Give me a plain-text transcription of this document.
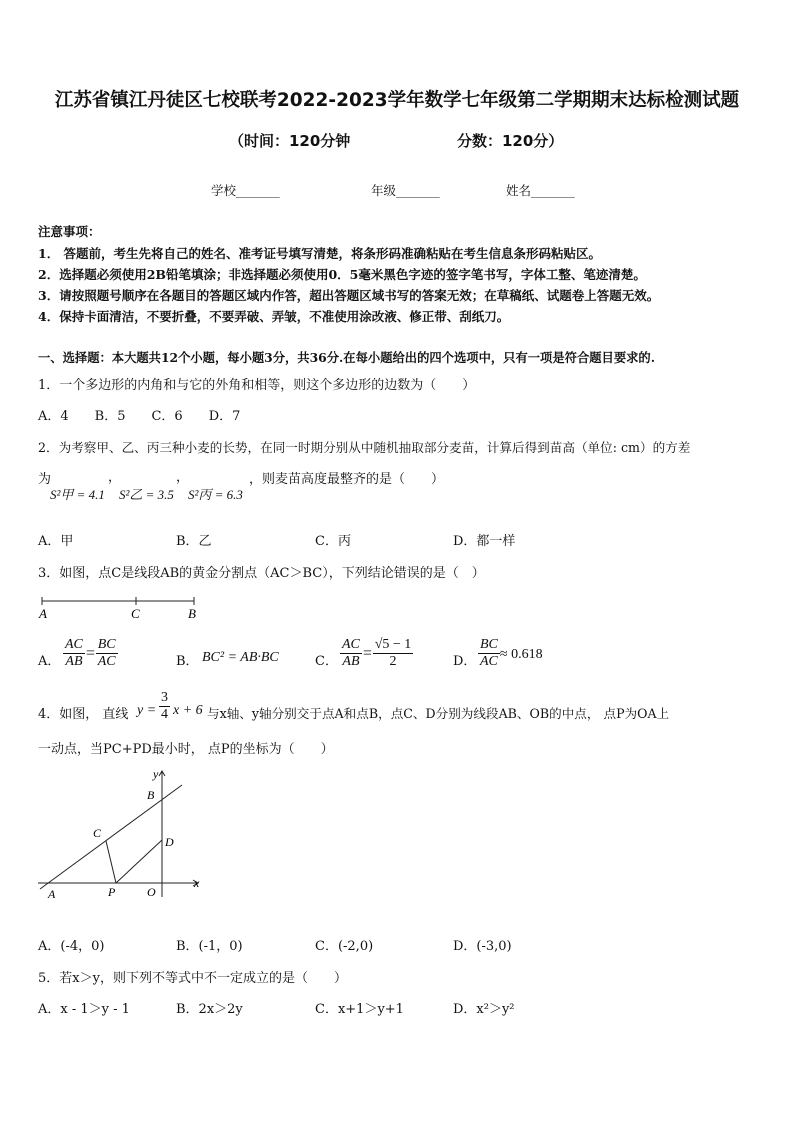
江苏省镇江丹徒区七校联考2022-2023学年数学七年级第二学期期末达标检测试题
（时间：120分钟	分数：120分）
学校_______	年级_______	姓名_______
注意事项：
1． 答题前，考生先将自己的姓名、准考证号填写清楚，将条形码准确粘贴在考生信息条形码粘贴区。
2．选择题必须使用2B铅笔填涂；非选择题必须使用0．5毫米黑色字迹的签字笔书写，字体工整、笔迹清楚。
3．请按照题号顺序在各题目的答题区域内作答，超出答题区域书写的答案无效；在草稿纸、试题卷上答题无效。
4．保持卡面清洁，不要折叠，不要弄破、弄皱，不准使用涂改液、修正带、刮纸刀。
一、选择题：本大题共12个小题，每小题3分，共36分.在每小题给出的四个选项中，只有一项是符合题目要求的.
1．一个多边形的内角和与它的外角和相等，则这个多边形的边数为（　　）
A．4　　B．5　　C．6　　D．7
2．为考察甲、乙、丙三种小麦的长势，在同一时期分别从中随机抽取部分麦苗，计算后得到苗高（单位: cm）的方差
为
S²甲 = 4.1
，
S²乙 = 3.5
，
S²丙 = 6.3
，则麦苗高度最整齐的是（　　）
A．甲	B．乙	C．丙	D．都一样
3．如图，点C是线段AB的黄金分割点（AC＞BC），下列结论错误的是（　）
A	C	B
A． $\frac{AC}{AB} = \frac{BC}{AC}$	B． BC² = AB·BC	C． $\frac{AC}{AB} = \frac{√5 - 1}{2}$	D． $\frac{BC}{AC} \approx 0.618$
4．如图， 直线 $y = \frac{3}{4}$ x + 6 与x轴、y轴分别交于点A和点B，点C、D分别为线段AB、OB的中点， 点P为OA上
一动点，当PC+PD最小时， 点P的坐标为（　　）
y
x
B
C
D
A	P	O
A．(-4，0)	B．(-1，0)	C．(-2,0)	D．(-3,0)
5．若x＞y，则下列不等式中不一定成立的是（　　）
A．x - 1＞y - 1	B．2x＞2y	C．x+1＞y+1	D．x²＞y²
